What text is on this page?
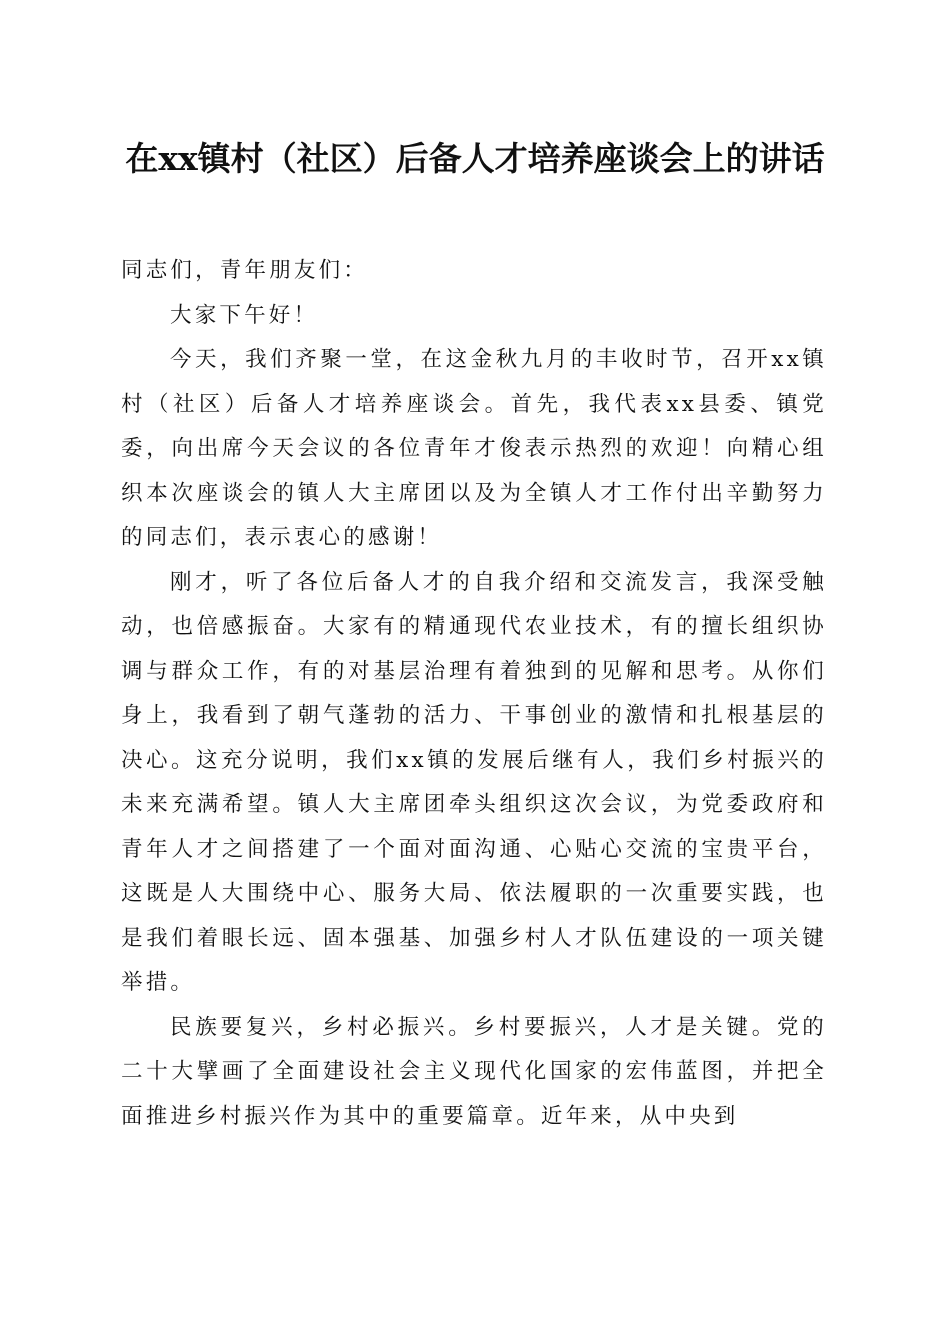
在xx镇村（社区）后备人才培养座谈会上的讲话

同志们，青年朋友们：

大家下午好！

今天，我们齐聚一堂，在这金秋九月的丰收时节，召开xx镇村（社区）后备人才培养座谈会。首先，我代表xx县委、镇党委，向出席今天会议的各位青年才俊表示热烈的欢迎！向精心组织本次座谈会的镇人大主席团以及为全镇人才工作付出辛勤努力的同志们，表示衷心的感谢！

刚才，听了各位后备人才的自我介绍和交流发言，我深受触动，也倍感振奋。大家有的精通现代农业技术，有的擅长组织协调与群众工作，有的对基层治理有着独到的见解和思考。从你们身上，我看到了朝气蓬勃的活力、干事创业的激情和扎根基层的决心。这充分说明，我们xx镇的发展后继有人，我们乡村振兴的未来充满希望。镇人大主席团牵头组织这次会议，为党委政府和青年人才之间搭建了一个面对面沟通、心贴心交流的宝贵平台，这既是人大围绕中心、服务大局、依法履职的一次重要实践，也是我们着眼长远、固本强基、加强乡村人才队伍建设的一项关键举措。

民族要复兴，乡村必振兴。乡村要振兴，人才是关键。党的二十大擘画了全面建设社会主义现代化国家的宏伟蓝图，并把全面推进乡村振兴作为其中的重要篇章。近年来，从中央到
